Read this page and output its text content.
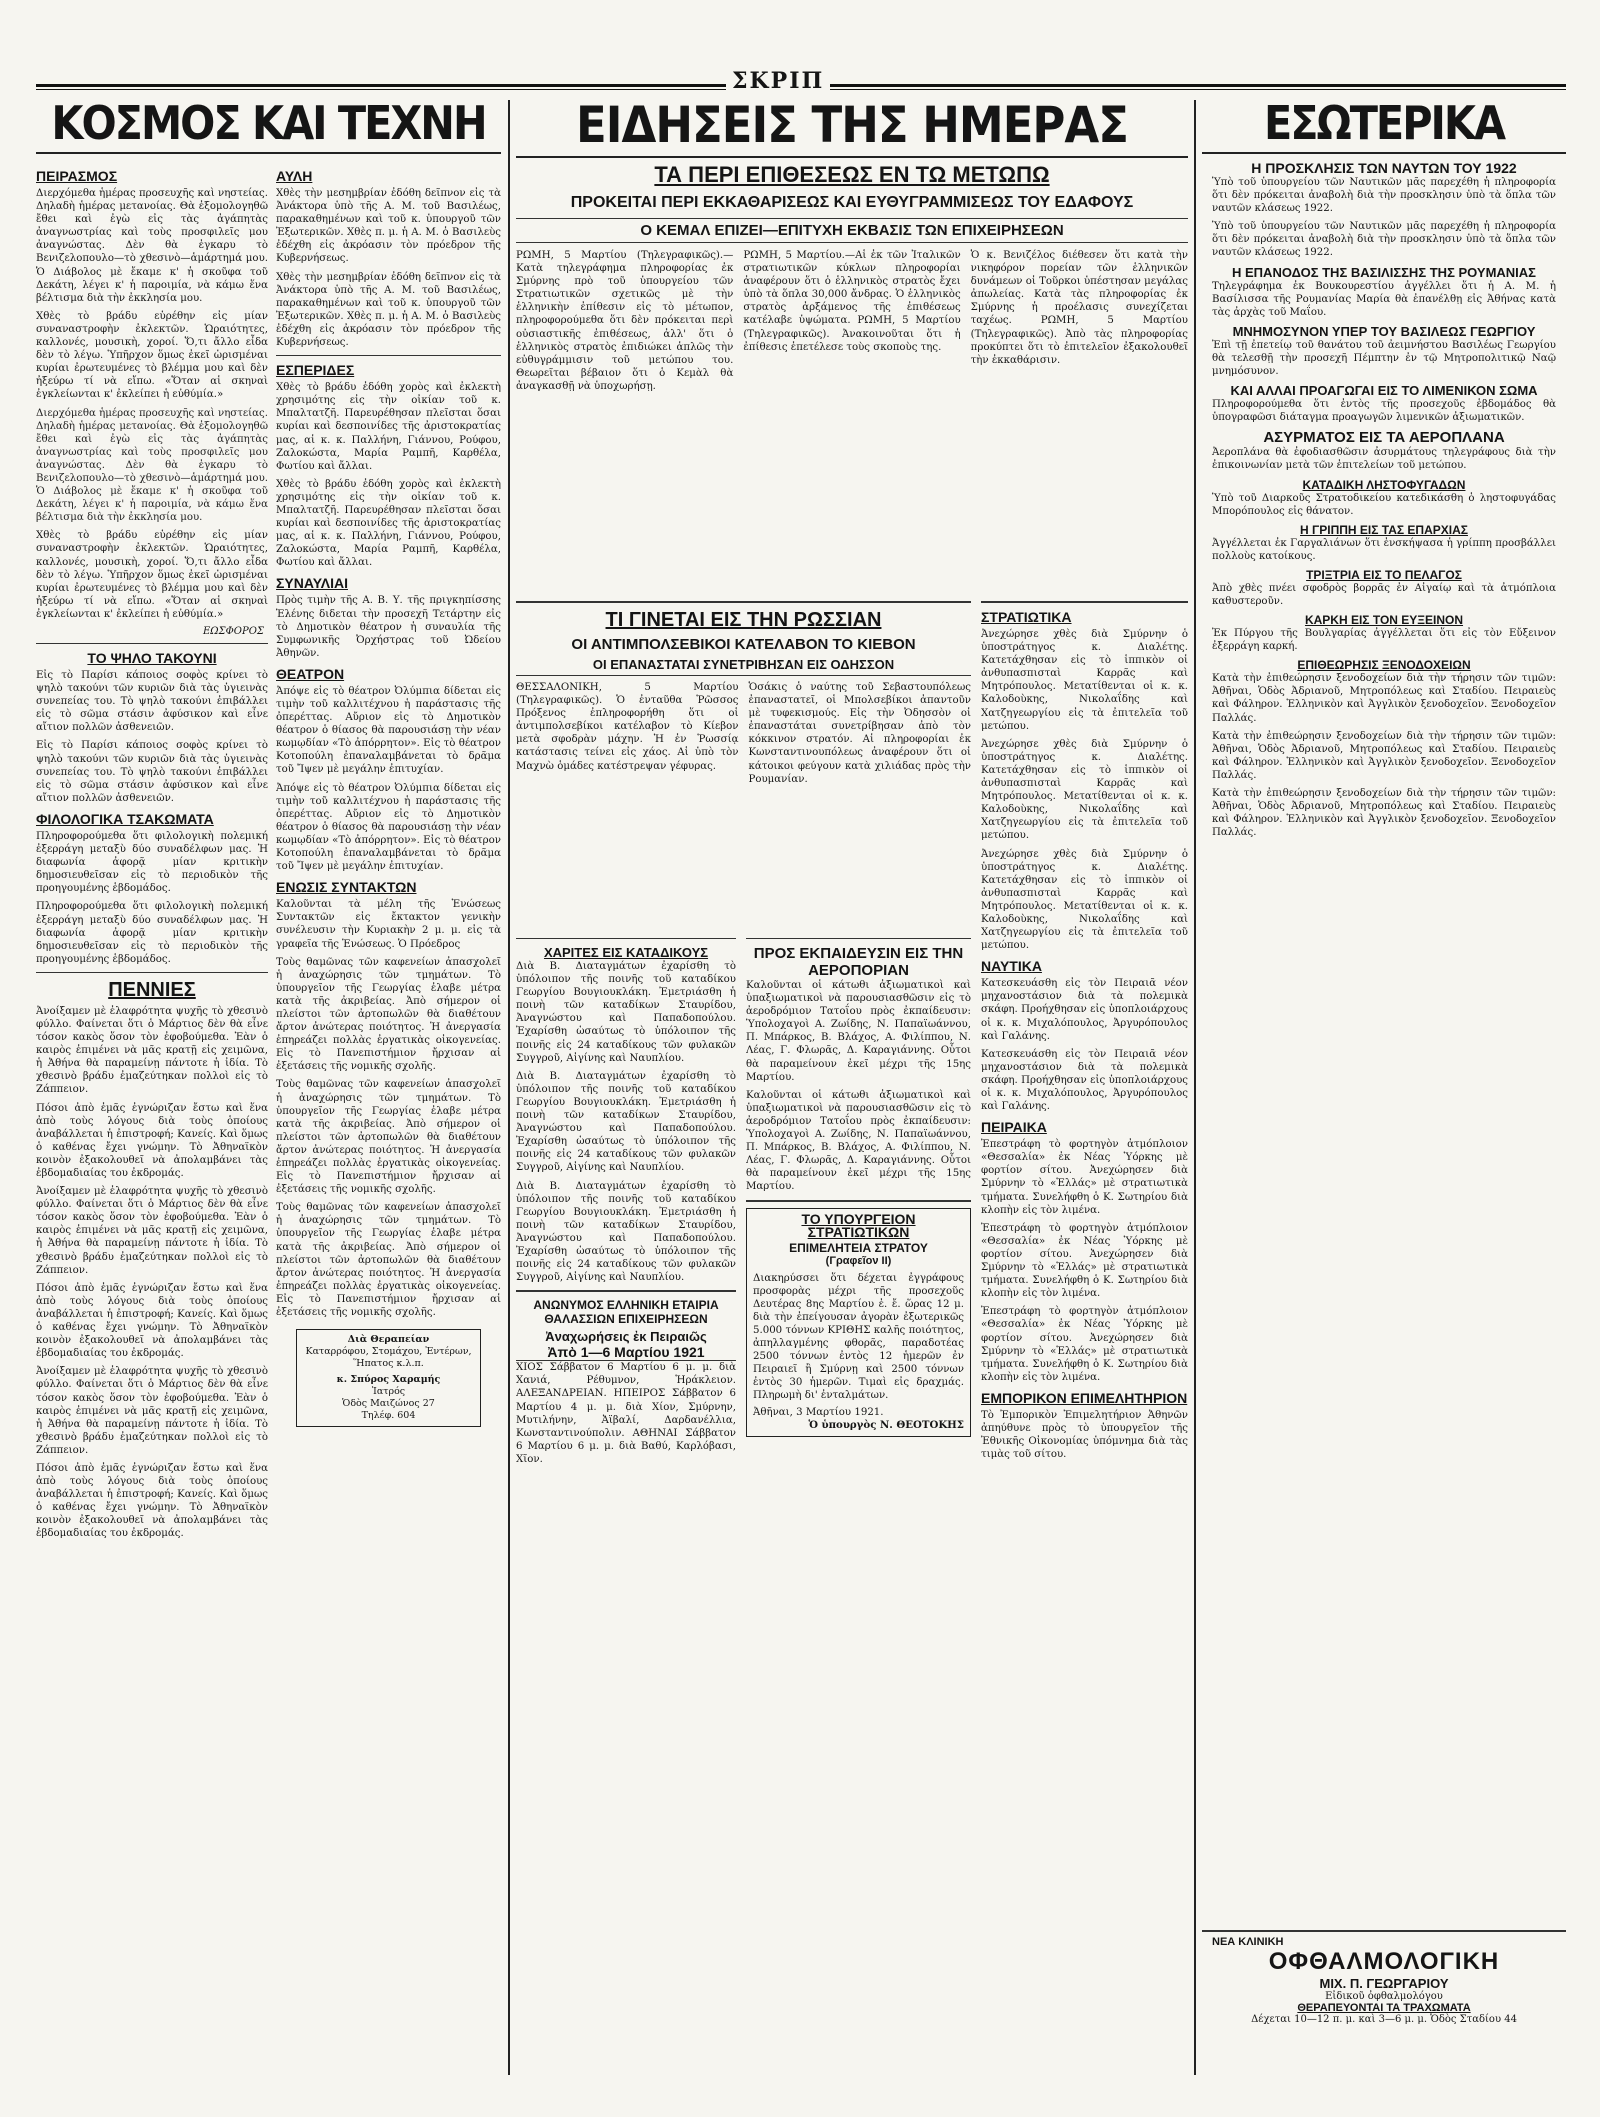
ΣΚΡΙΠ
ΚΟΣΜΟΣ ΚΑΙ ΤΕΧΝΗ
ΠΕΙΡΑΣΜΟΣ

Διερχόμεθα ἡμέρας προσευχῆς καὶ νηστείας. Δηλαδὴ ἡμέρας μετανοίας. Θὰ ἐξομολογηθῶ ἔθει καὶ ἐγὼ εἰς τὰς ἀγάπητὰς ἀναγνωστρίας καὶ τοὺς προσφιλεῖς μου ἀναγνώστας. Δὲν θὰ ἐγκαρυ τὸ Βενιζελοπουλο—τὸ χθεσινὸ—ἁμάρτημά μου. Ὁ Διάβολος μὲ ἔκαμε κ' ἡ σκοῦφα τοῦ Δεκάτη, λέγει κ' ἡ παροιμία, νὰ κάμω ἕνα βέλτισμα διὰ τὴν ἐκκλησία μου.

Χθὲς τὸ βράδυ εὑρέθην εἰς μίαν συναναστροφὴν ἐκλεκτῶν. Ὡραιότητες, καλλονές, μουσικὴ, χοροί. Ὅ,τι ἄλλο εἶδα δὲν τὸ λέγω. Ὑπῆρχον ὅμως ἐκεῖ ὡρισμέναι κυρίαι ἐρωτευμένες τὸ βλέμμα μου καὶ δὲν ἠξεύρω τί νὰ εἴπω. «Ὅταν αἱ σκηναὶ ἐγκλείωνται κ' ἐκλείπει ἡ εὐθύμία.»

Διερχόμεθα ἡμέρας προσευχῆς καὶ νηστείας. Δηλαδὴ ἡμέρας μετανοίας. Θὰ ἐξομολογηθῶ ἔθει καὶ ἐγὼ εἰς τὰς ἀγάπητὰς ἀναγνωστρίας καὶ τοὺς προσφιλεῖς μου ἀναγνώστας. Δὲν θὰ ἐγκαρυ τὸ Βενιζελοπουλο—τὸ χθεσινὸ—ἁμάρτημά μου. Ὁ Διάβολος μὲ ἔκαμε κ' ἡ σκοῦφα τοῦ Δεκάτη, λέγει κ' ἡ παροιμία, νὰ κάμω ἕνα βέλτισμα διὰ τὴν ἐκκλησία μου.

Χθὲς τὸ βράδυ εὑρέθην εἰς μίαν συναναστροφὴν ἐκλεκτῶν. Ὡραιότητες, καλλονές, μουσικὴ, χοροί. Ὅ,τι ἄλλο εἶδα δὲν τὸ λέγω. Ὑπῆρχον ὅμως ἐκεῖ ὡρισμέναι κυρίαι ἐρωτευμένες τὸ βλέμμα μου καὶ δὲν ἠξεύρω τί νὰ εἴπω. «Ὅταν αἱ σκηναὶ ἐγκλείωνται κ' ἐκλείπει ἡ εὐθύμία.»

ΕΩΣΦΟΡΟΣ
ΤΟ ΨΗΛΟ ΤΑΚΟΥΝΙ

Εἰς τὸ Παρίσι κάποιος σοφὸς κρίνει τὸ ψηλὸ τακούνι τῶν κυριῶν διὰ τὰς ὑγιεινὰς συνεπείας του. Τὸ ψηλὸ τακούνι ἐπιβάλλει εἰς τὸ σῶμα στάσιν ἀφύσικον καὶ εἶνε αἴτιον πολλῶν ἀσθενειῶν.

Εἰς τὸ Παρίσι κάποιος σοφὸς κρίνει τὸ ψηλὸ τακούνι τῶν κυριῶν διὰ τὰς ὑγιεινὰς συνεπείας του. Τὸ ψηλὸ τακούνι ἐπιβάλλει εἰς τὸ σῶμα στάσιν ἀφύσικον καὶ εἶνε αἴτιον πολλῶν ἀσθενειῶν.

ΦΙΛΟΛΟΓΙΚΑ ΤΣΑΚΩΜΑΤΑ

Πληροφορούμεθα ὅτι φιλολογικὴ πολεμική ἐξερράγη μεταξὺ δύο συναδέλφων μας. Ἡ διαφωνία ἀφορᾷ μίαν κριτικὴν δημοσιευθεῖσαν εἰς τὸ περιοδικὸν τῆς προηγουμένης ἑβδομάδος.

Πληροφορούμεθα ὅτι φιλολογικὴ πολεμική ἐξερράγη μεταξὺ δύο συναδέλφων μας. Ἡ διαφωνία ἀφορᾷ μίαν κριτικὴν δημοσιευθεῖσαν εἰς τὸ περιοδικὸν τῆς προηγουμένης ἑβδομάδος.

ΠΕΝΝΙΕΣ

Ἀνοίξαμεν μὲ ἐλαφρότητα ψυχῆς τὸ χθεσινὸ φύλλο. Φαίνεται ὅτι ὁ Μάρτιος δὲν θὰ εἶνε τόσον κακὸς ὅσον τὸν ἐφοβούμεθα. Ἐὰν ὁ καιρὸς ἐπιμένει νὰ μᾶς κρατῇ εἰς χειμῶνα, ἡ Ἀθήνα θὰ παραμείνῃ πάντοτε ἡ ἰδία. Τὸ χθεσινὸ βράδυ ἐμαζεύτηκαν πολλοὶ εἰς τὸ Ζάππειον.

Πόσοι ἀπὸ ἐμᾶς ἐγνώριζαν ἔστω καὶ ἕνα ἀπὸ τοὺς λόγους διὰ τοὺς ὁποίους ἀναβάλλεται ἡ ἐπιστροφή; Κανείς. Καὶ ὅμως ὁ καθένας ἔχει γνώμην. Τὸ Ἀθηναϊκὸν κοινὸν ἐξακολουθεῖ νὰ ἀπολαμβάνει τὰς ἐβδομαδιαίας του ἐκδρομάς.

Ἀνοίξαμεν μὲ ἐλαφρότητα ψυχῆς τὸ χθεσινὸ φύλλο. Φαίνεται ὅτι ὁ Μάρτιος δὲν θὰ εἶνε τόσον κακὸς ὅσον τὸν ἐφοβούμεθα. Ἐὰν ὁ καιρὸς ἐπιμένει νὰ μᾶς κρατῇ εἰς χειμῶνα, ἡ Ἀθήνα θὰ παραμείνῃ πάντοτε ἡ ἰδία. Τὸ χθεσινὸ βράδυ ἐμαζεύτηκαν πολλοὶ εἰς τὸ Ζάππειον.

Πόσοι ἀπὸ ἐμᾶς ἐγνώριζαν ἔστω καὶ ἕνα ἀπὸ τοὺς λόγους διὰ τοὺς ὁποίους ἀναβάλλεται ἡ ἐπιστροφή; Κανείς. Καὶ ὅμως ὁ καθένας ἔχει γνώμην. Τὸ Ἀθηναϊκὸν κοινὸν ἐξακολουθεῖ νὰ ἀπολαμβάνει τὰς ἐβδομαδιαίας του ἐκδρομάς.

Ἀνοίξαμεν μὲ ἐλαφρότητα ψυχῆς τὸ χθεσινὸ φύλλο. Φαίνεται ὅτι ὁ Μάρτιος δὲν θὰ εἶνε τόσον κακὸς ὅσον τὸν ἐφοβούμεθα. Ἐὰν ὁ καιρὸς ἐπιμένει νὰ μᾶς κρατῇ εἰς χειμῶνα, ἡ Ἀθήνα θὰ παραμείνῃ πάντοτε ἡ ἰδία. Τὸ χθεσινὸ βράδυ ἐμαζεύτηκαν πολλοὶ εἰς τὸ Ζάππειον.

Πόσοι ἀπὸ ἐμᾶς ἐγνώριζαν ἔστω καὶ ἕνα ἀπὸ τοὺς λόγους διὰ τοὺς ὁποίους ἀναβάλλεται ἡ ἐπιστροφή; Κανείς. Καὶ ὅμως ὁ καθένας ἔχει γνώμην. Τὸ Ἀθηναϊκὸν κοινὸν ἐξακολουθεῖ νὰ ἀπολαμβάνει τὰς ἐβδομαδιαίας του ἐκδρομάς.

ΑΥΛΗ

Χθὲς τὴν μεσημβρίαν ἐδόθη δεῖπνον εἰς τὰ Ἀνάκτορα ὑπὸ τῆς Α. Μ. τοῦ Βασιλέως, παρακαθημένων καὶ τοῦ κ. ὑπουργοῦ τῶν Ἐξωτερικῶν. Χθὲς π. μ. ἡ Α. Μ. ὁ Βασιλεὺς ἐδέχθη εἰς ἀκρόασιν τὸν πρόεδρον τῆς Κυβερνήσεως.

Χθὲς τὴν μεσημβρίαν ἐδόθη δεῖπνον εἰς τὰ Ἀνάκτορα ὑπὸ τῆς Α. Μ. τοῦ Βασιλέως, παρακαθημένων καὶ τοῦ κ. ὑπουργοῦ τῶν Ἐξωτερικῶν. Χθὲς π. μ. ἡ Α. Μ. ὁ Βασιλεὺς ἐδέχθη εἰς ἀκρόασιν τὸν πρόεδρον τῆς Κυβερνήσεως.

ΕΣΠΕΡΙΔΕΣ

Χθὲς τὸ βράδυ ἐδόθη χορὸς καὶ ἐκλεκτὴ χρησιμότης εἰς τὴν οἰκίαν τοῦ κ. Μπαλτατζῆ. Παρευρέθησαν πλεῖσται ὅσαι κυρίαι καὶ δεσποινίδες τῆς ἀριστοκρατίας μας, αἱ κ. κ. Παλλήνη, Γιάννου, Ρούφου, Ζαλοκώστα, Μαρία Ραμπῆ, Καρθέλα, Φωτίου καὶ ἄλλαι.

Χθὲς τὸ βράδυ ἐδόθη χορὸς καὶ ἐκλεκτὴ χρησιμότης εἰς τὴν οἰκίαν τοῦ κ. Μπαλτατζῆ. Παρευρέθησαν πλεῖσται ὅσαι κυρίαι καὶ δεσποινίδες τῆς ἀριστοκρατίας μας, αἱ κ. κ. Παλλήνη, Γιάννου, Ρούφου, Ζαλοκώστα, Μαρία Ραμπῆ, Καρθέλα, Φωτίου καὶ ἄλλαι.

ΣΥΝΑΥΛΙΑΙ

Πρὸς τιμὴν τῆς Α. Β. Υ. τῆς πριγκηπίσσης Ἑλένης διδεται τὴν προσεχῆ Τετάρτην εἰς τὸ Δημοτικὸν θέατρον ἡ συναυλία τῆς Συμφωνικῆς Ὀρχήστρας τοῦ Ὠδείου Ἀθηνῶν.

ΘΕΑΤΡΟΝ

Ἀπόψε εἰς τὸ θέατρον Ὀλύμπια δίδεται εἰς τιμὴν τοῦ καλλιτέχνου ἡ παράστασις τῆς ὀπερέττας. Αὔριον εἰς τὸ Δημοτικὸν θέατρον ὁ θίασος θὰ παρουσιάσῃ τὴν νέαν κωμῳδίαν «Τὸ ἀπόρρητον». Εἰς τὸ θέατρον Κοτοπούλη ἐπαναλαμβάνεται τὸ δρᾶμα τοῦ Ἴψεν μὲ μεγάλην ἐπιτυχίαν.

Ἀπόψε εἰς τὸ θέατρον Ὀλύμπια δίδεται εἰς τιμὴν τοῦ καλλιτέχνου ἡ παράστασις τῆς ὀπερέττας. Αὔριον εἰς τὸ Δημοτικὸν θέατρον ὁ θίασος θὰ παρουσιάσῃ τὴν νέαν κωμῳδίαν «Τὸ ἀπόρρητον». Εἰς τὸ θέατρον Κοτοπούλη ἐπαναλαμβάνεται τὸ δρᾶμα τοῦ Ἴψεν μὲ μεγάλην ἐπιτυχίαν.

ΕΝΩΣΙΣ ΣΥΝΤΑΚΤΩΝ

Καλοῦνται τὰ μέλη τῆς Ἑνώσεως Συντακτῶν εἰς ἔκτακτον γενικὴν συνέλευσιν τὴν Κυριακὴν 2 μ. μ. εἰς τὰ γραφεῖα τῆς Ἑνώσεως. Ὁ Πρόεδρος

Τοὺς θαμῶνας τῶν καφενείων ἀπασχολεῖ ἡ ἀναχώρησις τῶν τμημάτων. Τὸ ὑπουργεῖον τῆς Γεωργίας ἐλαβε μέτρα κατὰ τῆς ἀκριβείας. Ἀπὸ σήμερον οἱ πλείστοι τῶν ἀρτοπωλῶν θὰ διαθέτουν ἄρτον ἀνώτερας ποιότητος. Ἡ ἀνεργασία ἐπηρεάζει πολλὰς ἐργατικὰς οἰκογενείας. Εἰς τὸ Πανεπιστήμιον ἤρχισαν αἱ ἐξετάσεις τῆς νομικῆς σχολῆς.

Τοὺς θαμῶνας τῶν καφενείων ἀπασχολεῖ ἡ ἀναχώρησις τῶν τμημάτων. Τὸ ὑπουργεῖον τῆς Γεωργίας ἐλαβε μέτρα κατὰ τῆς ἀκριβείας. Ἀπὸ σήμερον οἱ πλείστοι τῶν ἀρτοπωλῶν θὰ διαθέτουν ἄρτον ἀνώτερας ποιότητος. Ἡ ἀνεργασία ἐπηρεάζει πολλὰς ἐργατικὰς οἰκογενείας. Εἰς τὸ Πανεπιστήμιον ἤρχισαν αἱ ἐξετάσεις τῆς νομικῆς σχολῆς.

Τοὺς θαμῶνας τῶν καφενείων ἀπασχολεῖ ἡ ἀναχώρησις τῶν τμημάτων. Τὸ ὑπουργεῖον τῆς Γεωργίας ἐλαβε μέτρα κατὰ τῆς ἀκριβείας. Ἀπὸ σήμερον οἱ πλείστοι τῶν ἀρτοπωλῶν θὰ διαθέτουν ἄρτον ἀνώτερας ποιότητος. Ἡ ἀνεργασία ἐπηρεάζει πολλὰς ἐργατικὰς οἰκογενείας. Εἰς τὸ Πανεπιστήμιον ἤρχισαν αἱ ἐξετάσεις τῆς νομικῆς σχολῆς.

Διὰ Θεραπείαν
Καταρρόφου, Στομάχου, Ἐντέρων, Ἥπατος κ.λ.π.
κ. Σπύρος Χαραμής
Ἰατρός
Ὁδὸς Μαιζώνος 27
Τηλέφ. 604
ΕΙΔΗΣΕΙΣ ΤΗΣ ΗΜΕΡΑΣ
ΤΑ ΠΕΡΙ ΕΠΙΘΕΣΕΩΣ ΕΝ ΤΩ ΜΕΤΩΠΩ
ΠΡΟΚΕΙΤΑΙ ΠΕΡΙ ΕΚΚΑΘΑΡΙΣΕΩΣ ΚΑΙ ΕΥΘΥΓΡΑΜΜΙΣΕΩΣ ΤΟΥ ΕΔΑΦΟΥΣ
Ο ΚΕΜΑΛ ΕΠΙΖΕΙ—ΕΠΙΤΥΧΗ ΕΚΒΑΣΙΣ ΤΩΝ ΕΠΙΧΕΙΡΗΣΕΩΝ

ΡΩΜΗ, 5 Μαρτίου (Τηλεγραφικῶς).—Κατὰ τηλεγράφημα πληροφορίας ἐκ Σμύρνης πρὸ τοῦ ὑπουργείου τῶν Στρατιωτικῶν σχετικῶς μὲ τὴν ἑλληνικὴν ἐπίθεσιν εἰς τὸ μέτωπον, πληροφορούμεθα ὅτι δὲν πρόκειται περὶ οὐσιαστικῆς ἐπιθέσεως, ἀλλ' ὅτι ὁ ἑλληνικὸς στρατὸς ἐπιδιώκει ἁπλῶς τὴν εὐθυγράμμισιν τοῦ μετώπου του. Θεωρεῖται βέβαιον ὅτι ὁ Κεμὰλ θὰ ἀναγκασθῇ νὰ ὑποχωρήσῃ.

ΡΩΜΗ, 5 Μαρτίου.—Αἱ ἐκ τῶν Ἰταλικῶν στρατιωτικῶν κύκλων πληροφορίαι ἀναφέρουν ὅτι ὁ ἑλληνικὸς στρατὸς ἔχει ὑπὸ τὰ ὅπλα 30,000 ἄνδρας. Ὁ ἑλληνικὸς στρατὸς ἀρξάμενος τῆς ἐπιθέσεως κατέλαβε ὑψώματα. ΡΩΜΗ, 5 Μαρτίου (Τηλεγραφικῶς). Ἀνακοινοῦται ὅτι ἡ ἐπίθεσις ἐπετέλεσε τοὺς σκοποὺς της.

Ὁ κ. Βενιζέλος διέθεσεν ὅτι κατὰ τὴν νικηφόρον πορείαν τῶν ἑλληνικῶν δυνάμεων οἱ Τοῦρκοι ὑπέστησαν μεγάλας ἀπωλείας. Κατὰ τὰς πληροφορίας ἐκ Σμύρνης ἡ προέλασις συνεχίζεται ταχέως. ΡΩΜΗ, 5 Μαρτίου (Τηλεγραφικῶς). Ἀπὸ τὰς πληροφορίας προκύπτει ὅτι τὸ ἐπιτελεῖον ἐξακολουθεῖ τὴν ἐκκαθάρισιν.

ΤΙ ΓΙΝΕΤΑΙ ΕΙΣ ΤΗΝ ΡΩΣΣΙΑΝ
ΟΙ ΑΝΤΙΜΠΟΛΣΕΒΙΚΟΙ ΚΑΤΕΛΑΒΟΝ ΤΟ ΚΙΕΒΟΝ
ΟΙ ΕΠΑΝΑΣΤΑΤΑΙ ΣΥΝΕΤΡΙΒΗΣΑΝ ΕΙΣ ΟΔΗΣΣΟΝ

ΘΕΣΣΑΛΟΝΙΚΗ, 5 Μαρτίου (Τηλεγραφικῶς). Ὁ ἐνταῦθα Ῥῶσσος Πρόξενος ἐπληροφορήθη ὅτι οἱ ἀντιμπολσεβίκοι κατέλαβον τὸ Κίεβον μετὰ σφοδρὰν μάχην. Ἡ ἐν Ῥωσσίᾳ κατάστασις τείνει εἰς χάος. Αἱ ὑπὸ τὸν Μαχνὼ ὁμάδες κατέστρεψαν γέφυρας.

Ὁσάκις ὁ ναύτης τοῦ Σεβαστουπόλεως ἐπαναστατεῖ, οἱ Μπολσεβίκοι ἀπαντοῦν μὲ τυφεκισμούς. Εἰς τὴν Ὀδησσὸν οἱ ἐπαναστάται συνετρίβησαν ἀπὸ τὸν κόκκινον στρατόν. Αἱ πληροφορίαι ἐκ Κωνσταντινουπόλεως ἀναφέρουν ὅτι οἱ κάτοικοι φεύγουν κατὰ χιλιάδας πρὸς τὴν Ρουμανίαν.

ΧΑΡΙΤΕΣ ΕΙΣ ΚΑΤΑΔΙΚΟΥΣ

Διὰ Β. Διαταγμάτων ἐχαρίσθη τὸ ὑπόλοιπον τῆς ποινῆς τοῦ καταδίκου Γεωργίου Βουγιουκλάκη. Ἐμετριάσθη ἡ ποινὴ τῶν καταδίκων Σταυρίδου, Ἀναγνώστου καὶ Παπαδοπούλου. Ἐχαρίσθη ὡσαύτως τὸ ὑπόλοιπον τῆς ποινῆς εἰς 24 καταδίκους τῶν φυλακῶν Συγγροῦ, Αἰγίνης καὶ Ναυπλίου.

Διὰ Β. Διαταγμάτων ἐχαρίσθη τὸ ὑπόλοιπον τῆς ποινῆς τοῦ καταδίκου Γεωργίου Βουγιουκλάκη. Ἐμετριάσθη ἡ ποινὴ τῶν καταδίκων Σταυρίδου, Ἀναγνώστου καὶ Παπαδοπούλου. Ἐχαρίσθη ὡσαύτως τὸ ὑπόλοιπον τῆς ποινῆς εἰς 24 καταδίκους τῶν φυλακῶν Συγγροῦ, Αἰγίνης καὶ Ναυπλίου.

Διὰ Β. Διαταγμάτων ἐχαρίσθη τὸ ὑπόλοιπον τῆς ποινῆς τοῦ καταδίκου Γεωργίου Βουγιουκλάκη. Ἐμετριάσθη ἡ ποινὴ τῶν καταδίκων Σταυρίδου, Ἀναγνώστου καὶ Παπαδοπούλου. Ἐχαρίσθη ὡσαύτως τὸ ὑπόλοιπον τῆς ποινῆς εἰς 24 καταδίκους τῶν φυλακῶν Συγγροῦ, Αἰγίνης καὶ Ναυπλίου.

ΑΝΩΝΥΜΟΣ ΕΛΛΗΝΙΚΗ ΕΤΑΙΡΙΑ ΘΑΛΑΣΣΙΩΝ ΕΠΙΧΕΙΡΗΣΕΩΝ
Ἀναχωρήσεις ἐκ Πειραιῶς
Ἀπὸ 1—6 Μαρτίου 1921

ΧΙΟΣ Σάββατον 6 Μαρτίου 6 μ. μ. διὰ Χανιά, Ρέθυμνον, Ἡράκλειον. ΑΛΕΞΑΝΔΡΕΙΑΝ. ΗΠΕΙΡΟΣ Σάββατον 6 Μαρτίου 4 μ. μ. διὰ Χίον, Σμύρνην, Μυτιλήνην, Ἀϊβαλί, Δαρδανέλλια, Κωνσταντινούπολιν. ΑΘΗΝΑΙ Σάββατον 6 Μαρτίου 6 μ. μ. διὰ Βαθύ, Καρλόβασι, Χῖον.

ΠΡΟΣ ΕΚΠΑΙΔΕΥΣΙΝ ΕΙΣ ΤΗΝ ΑΕΡΟΠΟΡΙΑΝ

Καλοῦνται οἱ κάτωθι ἀξιωματικοὶ καὶ ὑπαξιωματικοὶ νὰ παρουσιασθῶσιν εἰς τὸ ἀεροδρόμιον Τατοΐου πρὸς ἐκπαίδευσιν: Ὑπολοχαγοὶ Α. Ζωίδης, Ν. Παπαϊωάννου, Π. Μπάρκος, Β. Βλάχος, Α. Φιλίππου, Ν. Λέας, Γ. Φλωρᾶς, Δ. Καραγιάννης. Οὗτοι θὰ παραμείνουν ἐκεῖ μέχρι τῆς 15ης Μαρτίου.

Καλοῦνται οἱ κάτωθι ἀξιωματικοὶ καὶ ὑπαξιωματικοὶ νὰ παρουσιασθῶσιν εἰς τὸ ἀεροδρόμιον Τατοΐου πρὸς ἐκπαίδευσιν: Ὑπολοχαγοὶ Α. Ζωίδης, Ν. Παπαϊωάννου, Π. Μπάρκος, Β. Βλάχος, Α. Φιλίππου, Ν. Λέας, Γ. Φλωρᾶς, Δ. Καραγιάννης. Οὗτοι θὰ παραμείνουν ἐκεῖ μέχρι τῆς 15ης Μαρτίου.

ΤΟ ΥΠΟΥΡΓΕΙΟΝ ΣΤΡΑΤΙΩΤΙΚΩΝ
ΕΠΙΜΕΛΗΤΕΙΑ ΣΤΡΑΤΟΥ
(Γραφεῖον ΙΙ)
Διακηρύσσει ὅτι δέχεται ἐγγράφους προσφορὰς μέχρι τῆς προσεχοῦς Δευτέρας 8ης Μαρτίου ἐ. ἔ. ὥρας 12 μ. διὰ τὴν ἐπείγουσαν ἀγορὰν ἐξωτερικῶς 5.000 τόννων ΚΡΙΘΗΣ καλῆς ποιότητος, ἀπηλλαγμένης φθορᾶς, παραδοτέας 2500 τόννων ἐντὸς 12 ἡμερῶν ἐν Πειραιεῖ ἢ Σμύρνῃ καὶ 2500 τόννων ἐντὸς 30 ἡμερῶν. Τιμαὶ εἰς δραχμάς. Πληρωμὴ δι' ἐνταλμάτων.
Ἀθῆναι, 3 Μαρτίου 1921.
Ὁ ὑπουργὸς Ν. ΘΕΟΤΟΚΗΣ
ΣΤΡΑΤΙΩΤΙΚΑ

Ἀνεχώρησε χθὲς διὰ Σμύρνην ὁ ὑποστράτηγος κ. Διαλέτης. Κατετάχθησαν εἰς τὸ ἱππικὸν οἱ ἀνθυπασπισταὶ Καρρᾶς καὶ Μητρόπουλος. Μετατίθενται οἱ κ. κ. Καλοδοὺκης, Νικολαΐδης καὶ Χατζηγεωργίου εἰς τὰ ἐπιτελεῖα τοῦ μετώπου.

Ἀνεχώρησε χθὲς διὰ Σμύρνην ὁ ὑποστράτηγος κ. Διαλέτης. Κατετάχθησαν εἰς τὸ ἱππικὸν οἱ ἀνθυπασπισταὶ Καρρᾶς καὶ Μητρόπουλος. Μετατίθενται οἱ κ. κ. Καλοδοὺκης, Νικολαΐδης καὶ Χατζηγεωργίου εἰς τὰ ἐπιτελεῖα τοῦ μετώπου.

Ἀνεχώρησε χθὲς διὰ Σμύρνην ὁ ὑποστράτηγος κ. Διαλέτης. Κατετάχθησαν εἰς τὸ ἱππικὸν οἱ ἀνθυπασπισταὶ Καρρᾶς καὶ Μητρόπουλος. Μετατίθενται οἱ κ. κ. Καλοδοὺκης, Νικολαΐδης καὶ Χατζηγεωργίου εἰς τὰ ἐπιτελεῖα τοῦ μετώπου.

ΝΑΥΤΙΚΑ

Κατεσκευάσθη εἰς τὸν Πειραιᾶ νέον μηχανοστάσιον διὰ τὰ πολεμικὰ σκάφη. Προήχθησαν εἰς ὑποπλοιάρχους οἱ κ. κ. Μιχαλόπουλος, Ἀργυρόπουλος καὶ Γαλάνης.

Κατεσκευάσθη εἰς τὸν Πειραιᾶ νέον μηχανοστάσιον διὰ τὰ πολεμικὰ σκάφη. Προήχθησαν εἰς ὑποπλοιάρχους οἱ κ. κ. Μιχαλόπουλος, Ἀργυρόπουλος καὶ Γαλάνης.

ΠΕΙΡΑΙΚΑ

Ἐπεστράφη τὸ φορτηγὸν ἀτμόπλοιον «Θεσσαλία» ἐκ Νέας Ὑόρκης μὲ φορτίον σίτου. Ἀνεχώρησεν διὰ Σμύρνην τὸ «Ἑλλάς» μὲ στρατιωτικὰ τμήματα. Συνελήφθη ὁ Κ. Σωτηρίου διὰ κλοπὴν εἰς τὸν λιμένα.

Ἐπεστράφη τὸ φορτηγὸν ἀτμόπλοιον «Θεσσαλία» ἐκ Νέας Ὑόρκης μὲ φορτίον σίτου. Ἀνεχώρησεν διὰ Σμύρνην τὸ «Ἑλλάς» μὲ στρατιωτικὰ τμήματα. Συνελήφθη ὁ Κ. Σωτηρίου διὰ κλοπὴν εἰς τὸν λιμένα.

Ἐπεστράφη τὸ φορτηγὸν ἀτμόπλοιον «Θεσσαλία» ἐκ Νέας Ὑόρκης μὲ φορτίον σίτου. Ἀνεχώρησεν διὰ Σμύρνην τὸ «Ἑλλάς» μὲ στρατιωτικὰ τμήματα. Συνελήφθη ὁ Κ. Σωτηρίου διὰ κλοπὴν εἰς τὸν λιμένα.

ΕΜΠΟΡΙΚΟΝ ΕΠΙΜΕΛΗΤΗΡΙΟΝ

Τὸ Ἐμπορικὸν Ἐπιμελητήριον Ἀθηνῶν ἀπηύθυνε πρὸς τὸ ὑπουργεῖον τῆς Ἐθνικῆς Οἰκονομίας ὑπόμνημα διὰ τὰς τιμὰς τοῦ σίτου.

ΕΣΩΤΕΡΙΚΑ
Η ΠΡΟΣΚΛΗΣΙΣ ΤΩΝ ΝΑΥΤΩΝ ΤΟΥ 1922

Ὑπὸ τοῦ ὑπουργείου τῶν Ναυτικῶν μᾶς παρεχέθη ἡ πληροφορία ὅτι δὲν πρόκειται ἀναβολὴ διὰ τὴν προσκλησιν ὑπὸ τὰ ὅπλα τῶν ναυτῶν κλάσεως 1922.

Ὑπὸ τοῦ ὑπουργείου τῶν Ναυτικῶν μᾶς παρεχέθη ἡ πληροφορία ὅτι δὲν πρόκειται ἀναβολὴ διὰ τὴν προσκλησιν ὑπὸ τὰ ὅπλα τῶν ναυτῶν κλάσεως 1922.

Η ΕΠΑΝΟΔΟΣ ΤΗΣ ΒΑΣΙΛΙΣΣΗΣ ΤΗΣ ΡΟΥΜΑΝΙΑΣ

Τηλεγράφημα ἐκ Βουκουρεστίου ἀγγέλλει ὅτι ἡ Α. Μ. ἡ Βασίλισσα τῆς Ρουμανίας Μαρία θὰ ἐπανέλθῃ εἰς Ἀθήνας κατὰ τὰς ἀρχὰς τοῦ Μαΐου.

ΜΝΗΜΟΣΥΝΟΝ ΥΠΕΡ ΤΟΥ ΒΑΣΙΛΕΩΣ ΓΕΩΡΓΙΟΥ

Ἐπὶ τῇ ἐπετείῳ τοῦ θανάτου τοῦ ἀειμνήστου Βασιλέως Γεωργίου θὰ τελεσθῇ τὴν προσεχῆ Πέμπτην ἐν τῷ Μητροπολιτικῷ Ναῷ μνημόσυνον.

ΚΑΙ ΑΛΛΑΙ ΠΡΟΑΓΩΓΑΙ ΕΙΣ ΤΟ ΛΙΜΕΝΙΚΟΝ ΣΩΜΑ

Πληροφορούμεθα ὅτι ἐντὸς τῆς προσεχοῦς ἑβδομάδος θὰ ὑπογραφῶσι διάταγμα προαγωγῶν λιμενικῶν ἀξιωματικῶν.

ΑΣΥΡΜΑΤΟΣ ΕΙΣ ΤΑ ΑΕΡΟΠΛΑΝΑ

Ἀεροπλάνα θὰ ἐφοδιασθῶσιν ἀσυρμάτους τηλεγράφους διὰ τὴν ἐπικοινωνίαν μετὰ τῶν ἐπιτελείων τοῦ μετώπου.

ΚΑΤΑΔΙΚΗ ΛΗΣΤΟΦΥΓΑΔΩΝ

Ὑπὸ τοῦ Διαρκοῦς Στρατοδικείου κατεδικάσθη ὁ ληστοφυγάδας Μπορόπουλος εἰς θάνατον.

Η ΓΡΙΠΠΗ ΕΙΣ ΤΑΣ ΕΠΑΡΧΙΑΣ

Ἀγγέλλεται ἐκ Γαργαλιάνων ὅτι ἐνσκήψασα ἡ γρίππη προσβάλλει πολλοὺς κατοίκους.

ΤΡΙΞΤΡΙΑ ΕΙΣ ΤΟ ΠΕΛΑΓΟΣ

Ἀπὸ χθὲς πνέει σφοδρὸς βορρᾶς ἐν Αἰγαίῳ καὶ τὰ ἀτμόπλοια καθυστεροῦν.

ΚΑΡΚΗ ΕΙΣ ΤΟΝ ΕΥΞΕΙΝΟΝ

Ἐκ Πύργου τῆς Βουλγαρίας ἀγγέλλεται ὅτι εἰς τὸν Εὔξεινον ἐξερράγη καρκή.

ΕΠΙΘΕΩΡΗΣΙΣ ΞΕΝΟΔΟΧΕΙΩΝ

Κατὰ τὴν ἐπιθεώρησιν ξενοδοχείων διὰ τὴν τήρησιν τῶν τιμῶν: Ἀθῆναι, Ὁδὸς Ἀδριανοῦ, Μητροπόλεως καὶ Σταδίου. Πειραιεὺς καὶ Φάληρον. Ἑλληνικὸν καὶ Ἀγγλικὸν ξενοδοχεῖον. Ξενοδοχεῖον Παλλάς.

Κατὰ τὴν ἐπιθεώρησιν ξενοδοχείων διὰ τὴν τήρησιν τῶν τιμῶν: Ἀθῆναι, Ὁδὸς Ἀδριανοῦ, Μητροπόλεως καὶ Σταδίου. Πειραιεὺς καὶ Φάληρον. Ἑλληνικὸν καὶ Ἀγγλικὸν ξενοδοχεῖον. Ξενοδοχεῖον Παλλάς.

Κατὰ τὴν ἐπιθεώρησιν ξενοδοχείων διὰ τὴν τήρησιν τῶν τιμῶν: Ἀθῆναι, Ὁδὸς Ἀδριανοῦ, Μητροπόλεως καὶ Σταδίου. Πειραιεὺς καὶ Φάληρον. Ἑλληνικὸν καὶ Ἀγγλικὸν ξενοδοχεῖον. Ξενοδοχεῖον Παλλάς.

ΝΕΑ ΚΛΙΝΙΚΗ
ΟΦΘΑΛΜΟΛΟΓΙΚΗ
ΜΙΧ. Π. ΓΕΩΡΓΑΡΙΟΥ
Εἰδικοῦ ὀφθαλμολόγου
ΘΕΡΑΠΕΥΟΝΤΑΙ ΤΑ ΤΡΑΧΩΜΑΤΑ
Δέχεται 10—12 π. μ. καὶ 3—6 μ. μ. Ὁδὸς Σταδίου 44
